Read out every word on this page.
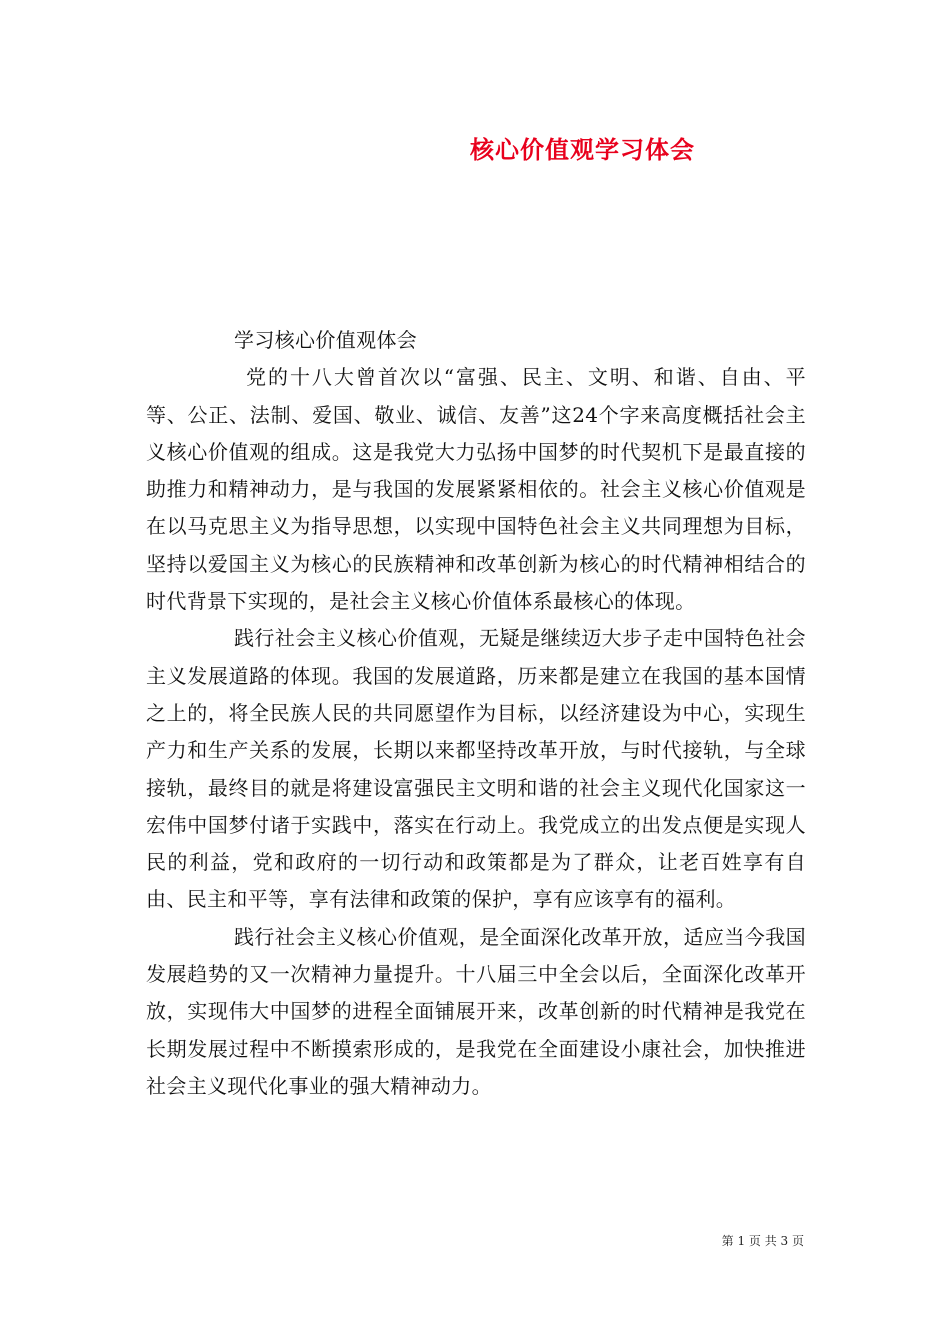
核心价值观学习体会

学习核心价值观体会

党的十八大曾首次以“富强、民主、文明、和谐、自由、平等、公正、法制、爱国、敬业、诚信、友善”这24个字来高度概括社会主义核心价值观的组成。这是我党大力弘扬中国梦的时代契机下是最直接的助推力和精神动力，是与我国的发展紧紧相依的。社会主义核心价值观是在以马克思主义为指导思想，以实现中国特色社会主义共同理想为目标，坚持以爱国主义为核心的民族精神和改革创新为核心的时代精神相结合的时代背景下实现的，是社会主义核心价值体系最核心的体现。

践行社会主义核心价值观，无疑是继续迈大步子走中国特色社会主义发展道路的体现。我国的发展道路，历来都是建立在我国的基本国情之上的，将全民族人民的共同愿望作为目标，以经济建设为中心，实现生产力和生产关系的发展，长期以来都坚持改革开放，与时代接轨，与全球接轨，最终目的就是将建设富强民主文明和谐的社会主义现代化国家这一宏伟中国梦付诸于实践中，落实在行动上。我党成立的出发点便是实现人民的利益，党和政府的一切行动和政策都是为了群众，让老百姓享有自由、民主和平等，享有法律和政策的保护，享有应该享有的福利。

践行社会主义核心价值观，是全面深化改革开放，适应当今我国发展趋势的又一次精神力量提升。十八届三中全会以后，全面深化改革开放，实现伟大中国梦的进程全面铺展开来，改革创新的时代精神是我党在长期发展过程中不断摸索形成的，是我党在全面建设小康社会，加快推进社会主义现代化事业的强大精神动力。

第 1 页 共 3 页
